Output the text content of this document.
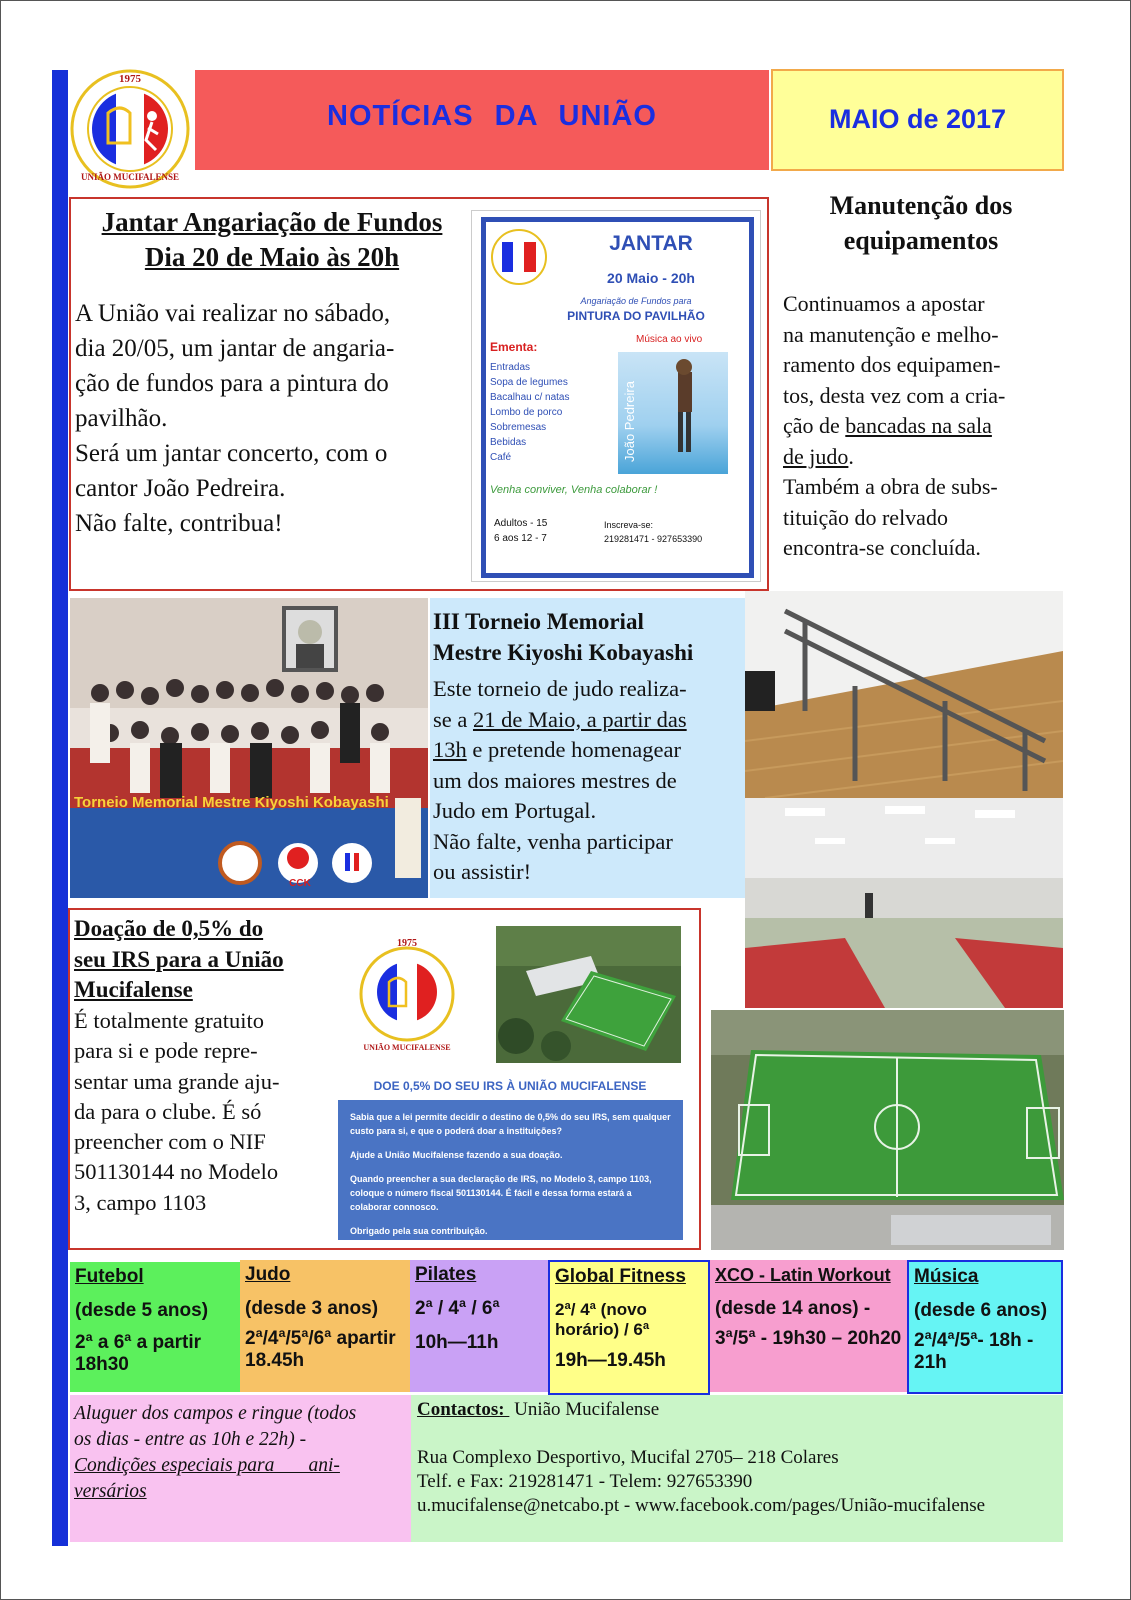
1975
UNIÃO MUCIFALENSE
NOTÍCIAS DA UNIÃO	MAIO de 2017
Jantar Angariação de Fundos
Dia 20 de Maio às 20h
A União vai realizar no sábado,
dia 20/05, um jantar de angaria-
ção de fundos para a pintura do
pavilhão.
Será um jantar concerto, com o
cantor João Pedreira.
Não falte, contribua!
JANTAR
20 Maio - 20h
Angariação de Fundos para
PINTURA DO PAVILHÃO
Música ao vivo
Ementa:
Entradas
Sopa de legumes
Bacalhau c/ natas
Lombo de porco
Sobremesas
Bebidas
Café	João Pedreira
Venha conviver, Venha colaborar !
Adultos - 15
6 aos 12 - 7
Inscreva-se:
219281471 - 927653390
Manutenção dos
equipamentos
Continuamos a apostar
na manutenção e melho-
ramento dos equipamen-
tos, desta vez com a cria-
ção de bancadas na sala
de judo.
Também a obra de subs-
tituição do relvado
encontra-se concluída.
Torneio Memorial Mestre Kiyoshi Kobayashi
CCK
III Torneio Memorial
Mestre Kiyoshi Kobayashi
Este torneio de judo realiza-
se a 21 de Maio, a partir das
13h e pretende homenagear
um dos maiores mestres de
Judo em Portugal.
Não falte, venha participar
ou assistir!
Doação de 0,5% do
seu IRS para a União
Mucifalense
É totalmente gratuito
para si e pode repre-
sentar uma grande aju-
da para o clube. É só
preencher com o NIF
501130144 no Modelo
3, campo 1103
1975
UNIÃO MUCIFALENSE
DOE 0,5% DO SEU IRS À UNIÃO MUCIFALENSE

Sabia que a lei permite decidir o destino de 0,5% do seu IRS, sem qualquer custo para si, e que o poderá doar a instituições?

Ajude a União Mucifalense fazendo a sua doação.

Quando preencher a sua declaração de IRS, no Modelo 3, campo 1103, coloque o número fiscal 501130144. É fácil e dessa forma estará a colaborar connosco.

Obrigado pela sua contribuição.

Futebol
(desde 5 anos)
2ª a 6ª a partir 18h30
Judo
(desde 3 anos)
2ª/4ª/5ª/6ª apartir 18.45h
Pilates
2ª / 4ª / 6ª
10h—11h
Global Fitness
2ª/ 4ª (novo horário) / 6ª
19h—19.45h
XCO - Latin Workout
(desde 14 anos) -
3ª/5ª - 19h30 – 20h20
Música
(desde 6 anos)
2ª/4ª/5ª- 18h - 21h
Aluguer dos campos e ringue (todos
os dias - entre as 10h e 22h) -
Condições especiais para       ani-
versários
Contactos:  União Mucifalense
Rua Complexo Desportivo, Mucifal 2705– 218 Colares
Telf. e Fax: 219281471 - Telem: 927653390
u.mucifalense@netcabo.pt - www.facebook.com/pages/União-mucifalense
